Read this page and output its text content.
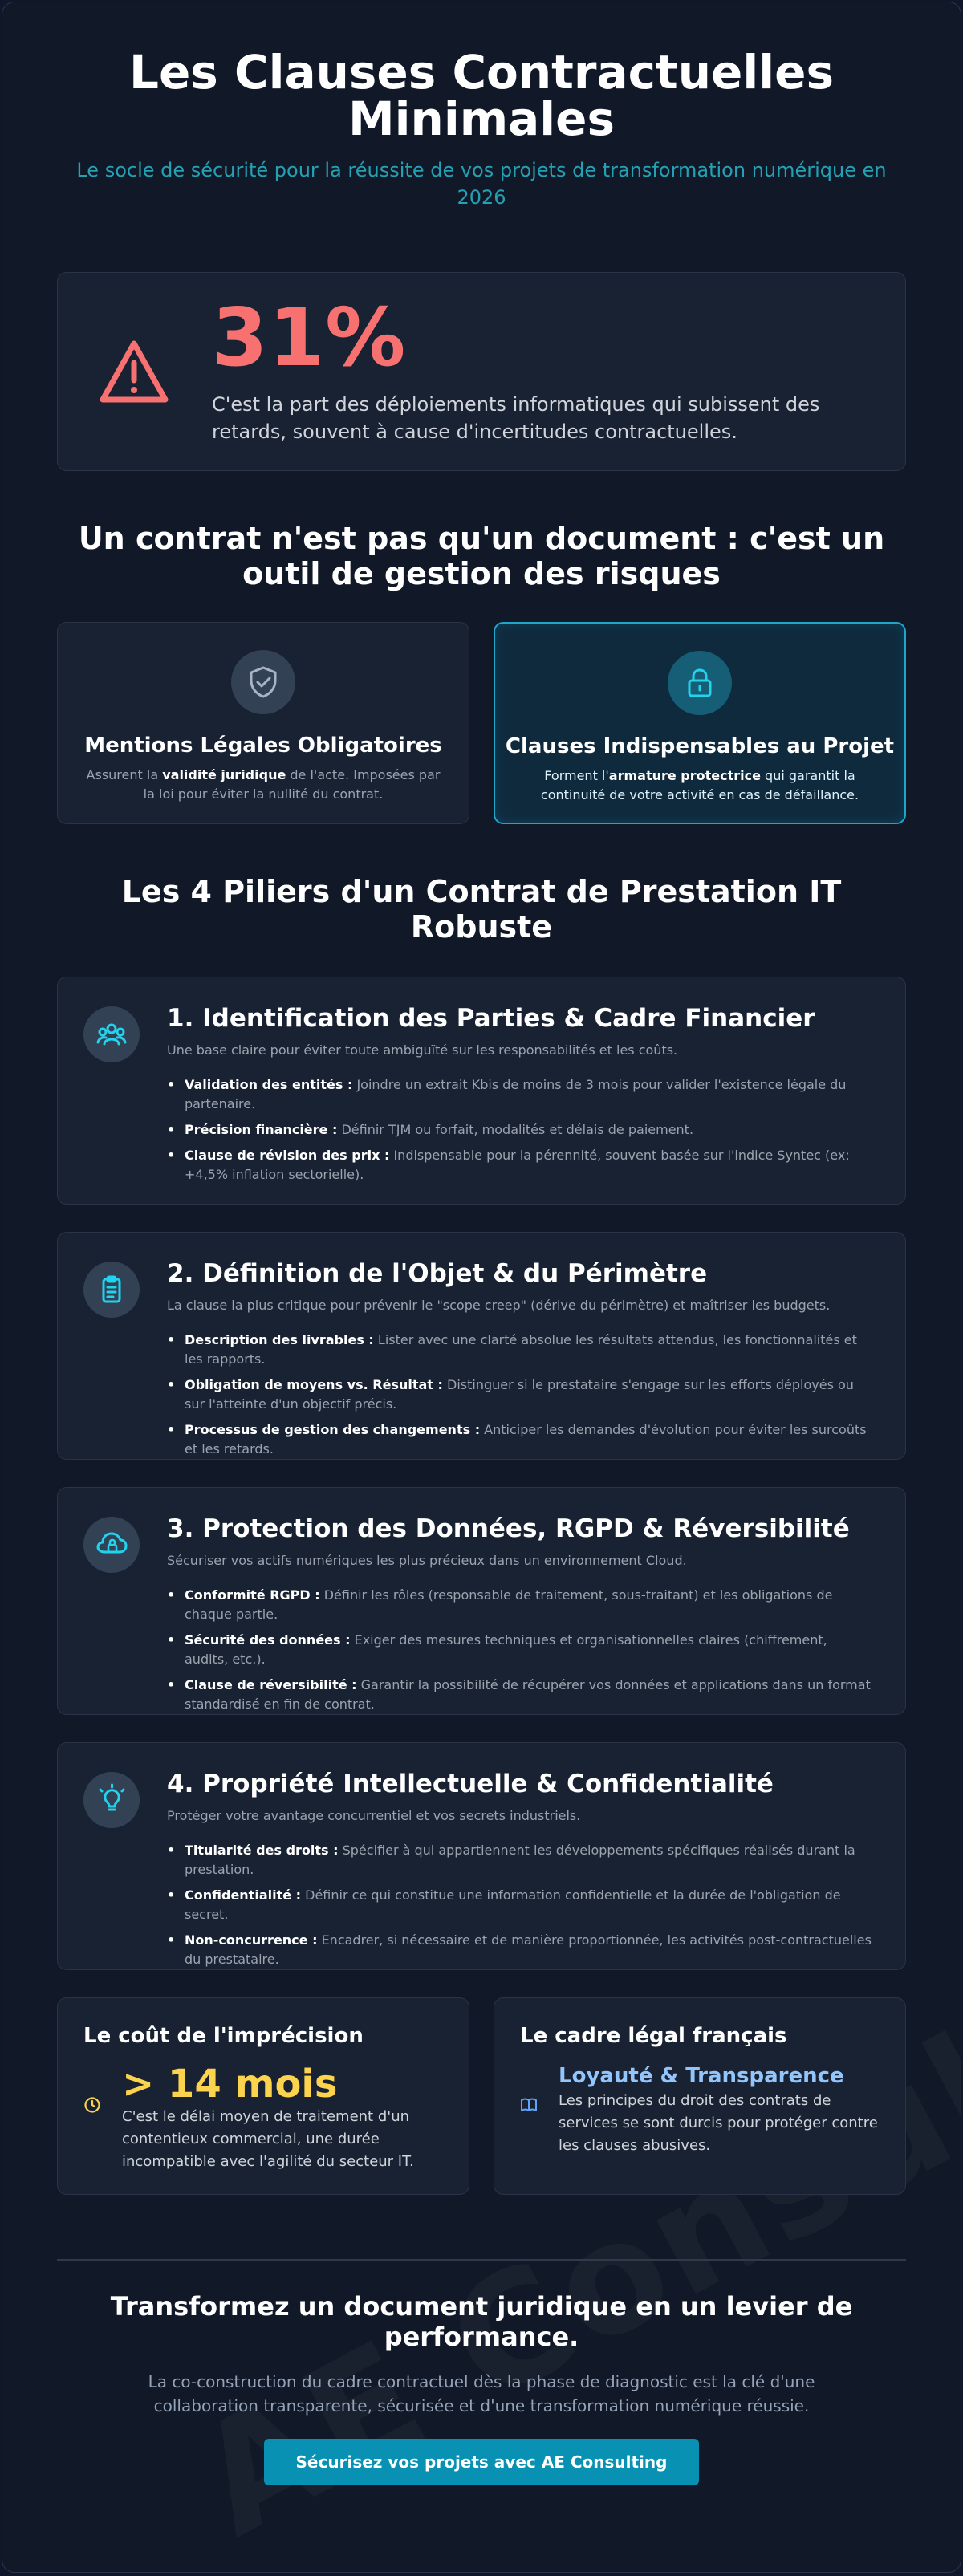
Les Clauses Contractuelles
Minimales
Le socle de sécurité pour la réussite de vos projets de transformation numérique en 2026
31%
C'est la part des déploiements informatiques qui subissent des retards, souvent à cause d'incertitudes contractuelles.
Un contrat n'est pas qu'un document : c'est un outil de gestion des risques
Mentions Légales Obligatoires
Assurent la validité juridique de l'acte. Imposées par la loi pour éviter la nullité du contrat.
Clauses Indispensables au Projet
Forment l'armature protectrice qui garantit la continuité de votre activité en cas de défaillance.
Les 4 Piliers d'un Contrat de Prestation IT Robuste
1. Identification des Parties & Cadre Financier
Une base claire pour éviter toute ambiguïté sur les responsabilités et les coûts.
• Validation des entités : Joindre un extrait Kbis de moins de 3 mois pour valider l'existence légale du partenaire.
• Précision financière : Définir TJM ou forfait, modalités et délais de paiement.
• Clause de révision des prix : Indispensable pour la pérennité, souvent basée sur l'indice Syntec (ex: +4,5% inflation sectorielle).
2. Définition de l'Objet & du Périmètre
La clause la plus critique pour prévenir le "scope creep" (dérive du périmètre) et maîtriser les budgets.
• Description des livrables : Lister avec une clarté absolue les résultats attendus, les fonctionnalités et les rapports.
• Obligation de moyens vs. Résultat : Distinguer si le prestataire s'engage sur les efforts déployés ou sur l'atteinte d'un objectif précis.
• Processus de gestion des changements : Anticiper les demandes d'évolution pour éviter les surcoûts et les retards.
3. Protection des Données, RGPD & Réversibilité
Sécuriser vos actifs numériques les plus précieux dans un environnement Cloud.
• Conformité RGPD : Définir les rôles (responsable de traitement, sous-traitant) et les obligations de chaque partie.
• Sécurité des données : Exiger des mesures techniques et organisationnelles claires (chiffrement, audits, etc.).
• Clause de réversibilité : Garantir la possibilité de récupérer vos données et applications dans un format standardisé en fin de contrat.
4. Propriété Intellectuelle & Confidentialité
Protéger votre avantage concurrentiel et vos secrets industriels.
• Titularité des droits : Spécifier à qui appartiennent les développements spécifiques réalisés durant la prestation.
• Confidentialité : Définir ce qui constitue une information confidentielle et la durée de l'obligation de secret.
• Non-concurrence : Encadrer, si nécessaire et de manière proportionnée, les activités post-contractuelles du prestataire.
Le coût de l'imprécision
> 14 mois
C'est le délai moyen de traitement d'un contentieux commercial, une durée incompatible avec l'agilité du secteur IT.
Le cadre légal français
Loyauté & Transparence
Les principes du droit des contrats de services se sont durcis pour protéger contre les clauses abusives.
Transformez un document juridique en un levier de performance.
La co-construction du cadre contractuel dès la phase de diagnostic est la clé d'une collaboration transparente, sécurisée et d'une transformation numérique réussie.
Sécurisez vos projets avec AE Consulting
